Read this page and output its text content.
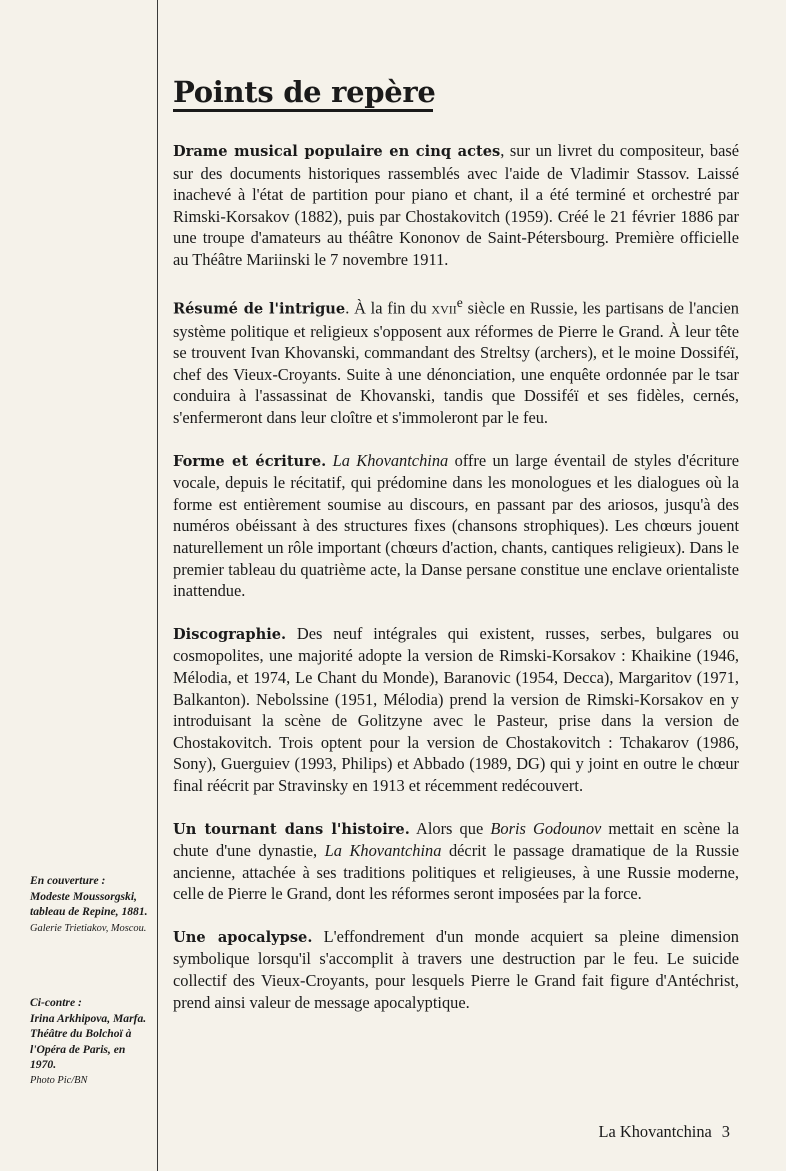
Points de repère

Drame musical populaire en cinq actes, sur un livret du compositeur, basé sur des documents historiques rassemblés avec l'aide de Vladimir Stassov. Laissé inachevé à l'état de partition pour piano et chant, il a été terminé et orchestré par Rimski-Korsakov (1882), puis par Chostakovitch (1959). Créé le 21 février 1886 par une troupe d'amateurs au théâtre Kononov de Saint-Pétersbourg. Première officielle au Théâtre Mariinski le 7 novembre 1911.

Résumé de l'intrigue. À la fin du XVIIe siècle en Russie, les partisans de l'ancien système politique et religieux s'opposent aux réformes de Pierre le Grand. À leur tête se trouvent Ivan Khovanski, commandant des Streltsy (archers), et le moine Dossiféï, chef des Vieux-Croyants. Suite à une dénonciation, une enquête ordonnée par le tsar conduira à l'assassinat de Khovanski, tandis que Dossiféï et ses fidèles, cernés, s'enfermeront dans leur cloître et s'immoleront par le feu.

Forme et écriture. La Khovantchina offre un large éventail de styles d'écriture vocale, depuis le récitatif, qui prédomine dans les monologues et les dialogues où la forme est entièrement soumise au discours, en passant par des ariosos, jusqu'à des numéros obéissant à des structures fixes (chansons strophiques). Les chœurs jouent naturellement un rôle important (chœurs d'action, chants, cantiques religieux). Dans le premier tableau du quatrième acte, la Danse persane constitue une enclave orientaliste inattendue.

Discographie. Des neuf intégrales qui existent, russes, serbes, bulgares ou cosmopolites, une majorité adopte la version de Rimski-Korsakov : Khaikine (1946, Mélodia, et 1974, Le Chant du Monde), Baranovic (1954, Decca), Margaritov (1971, Balkanton). Nebolssine (1951, Mélodia) prend la version de Rimski-Korsakov en y introduisant la scène de Golitzyne avec le Pasteur, prise dans la version de Chostakovitch. Trois optent pour la version de Chostakovitch : Tchakarov (1986, Sony), Guerguiev (1993, Philips) et Abbado (1989, DG) qui y joint en outre le chœur final réécrit par Stravinsky en 1913 et récemment redécouvert.

Un tournant dans l'histoire. Alors que Boris Godounov mettait en scène la chute d'une dynastie, La Khovantchina décrit le passage dramatique de la Russie ancienne, attachée à ses traditions politiques et religieuses, à une Russie moderne, celle de Pierre le Grand, dont les réformes seront imposées par la force.

Une apocalypse. L'effondrement d'un monde acquiert sa pleine dimension symbolique lorsqu'il s'accomplit à travers une destruction par le feu. Le suicide collectif des Vieux-Croyants, pour lesquels Pierre le Grand fait figure d'Antéchrist, prend ainsi valeur de message apocalyptique.

En couverture :
Modeste Moussorgski, tableau de Repine, 1881. Galerie Trietiakov, Moscou.
Ci-contre :
Irina Arkhipova, Marfa. Théâtre du Bolchoï à l'Opéra de Paris, en 1970.
Photo Pic/BN
La Khovantchina 3
